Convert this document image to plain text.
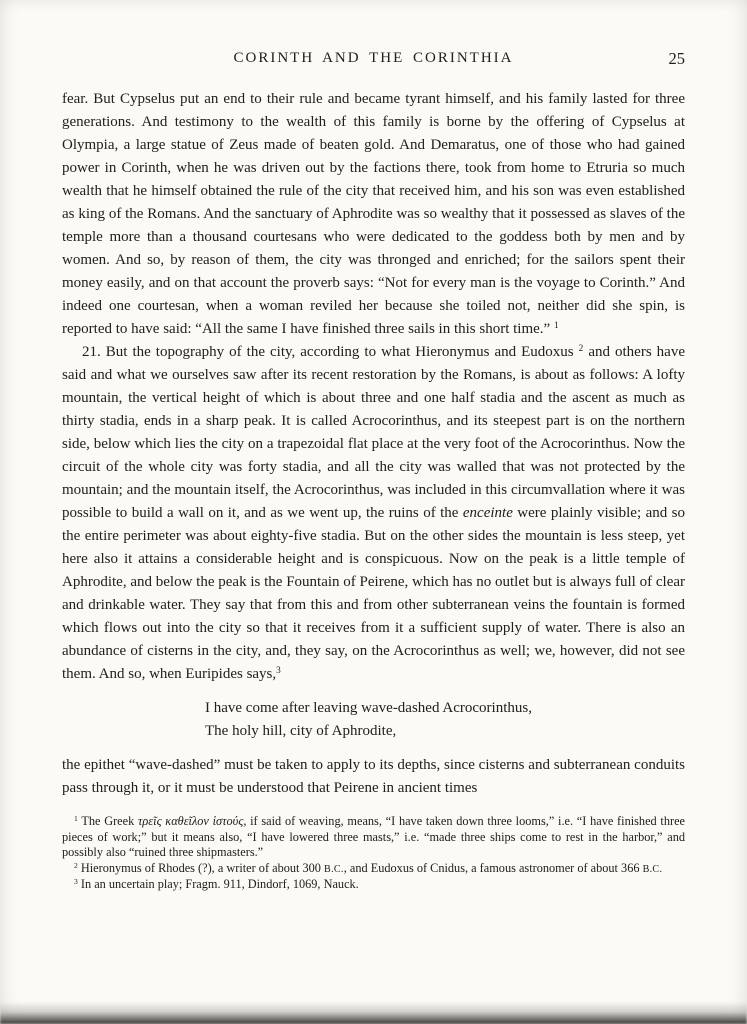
CORINTH AND THE CORINTHIA	25

fear. But Cypselus put an end to their rule and became tyrant himself, and his family lasted for three generations. And testimony to the wealth of this family is borne by the offering of Cypselus at Olympia, a large statue of Zeus made of beaten gold. And Demaratus, one of those who had gained power in Corinth, when he was driven out by the factions there, took from home to Etruria so much wealth that he himself obtained the rule of the city that received him, and his son was even established as king of the Romans. And the sanctuary of Aphrodite was so wealthy that it possessed as slaves of the temple more than a thousand courtesans who were dedicated to the goddess both by men and by women. And so, by reason of them, the city was thronged and enriched; for the sailors spent their money easily, and on that account the proverb says: “Not for every man is the voyage to Corinth.” And indeed one courtesan, when a woman reviled her because she toiled not, neither did she spin, is reported to have said: “All the same I have finished three sails in this short time.” $^1$

21. But the topography of the city, according to what Hieronymus and Eudoxus $^2$ and others have said and what we ourselves saw after its recent restoration by the Romans, is about as follows: A lofty mountain, the vertical height of which is about three and one half stadia and the ascent as much as thirty stadia, ends in a sharp peak. It is called Acrocorinthus, and its steepest part is on the northern side, below which lies the city on a trapezoidal flat place at the very foot of the Acrocorinthus. Now the circuit of the whole city was forty stadia, and all the city was walled that was not protected by the mountain; and the mountain itself, the Acrocorinthus, was included in this circumvallation where it was possible to build a wall on it, and as we went up, the ruins of the enceinte were plainly visible; and so the entire perimeter was about eighty-five stadia. But on the other sides the mountain is less steep, yet here also it attains a considerable height and is conspicuous. Now on the peak is a little temple of Aphrodite, and below the peak is the Fountain of Peirene, which has no outlet but is always full of clear and drinkable water. They say that from this and from other subterranean veins the fountain is formed which flows out into the city so that it receives from it a sufficient supply of water. There is also an abundance of cisterns in the city, and, they say, on the Acrocorinthus as well; we, however, did not see them. And so, when Euripides says,$^3$

I have come after leaving wave-dashed Acrocorinthus,
The holy hill, city of Aphrodite,

the epithet “wave-dashed” must be taken to apply to its depths, since cisterns and subterranean conduits pass through it, or it must be understood that Peirene in ancient times

$^1$ The Greek τρεῖς καθεῖλον ἱστούς, if said of weaving, means, “I have taken down three looms,” i.e. “I have finished three pieces of work;” but it means also, “I have lowered three masts,” i.e. “made three ships come to rest in the harbor,” and possibly also “ruined three shipmasters.”

$^2$ Hieronymus of Rhodes (?), a writer of about 300 B.C., and Eudoxus of Cnidus, a famous astronomer of about 366 B.C.

$^3$ In an uncertain play; Fragm. 911, Dindorf, 1069, Nauck.
